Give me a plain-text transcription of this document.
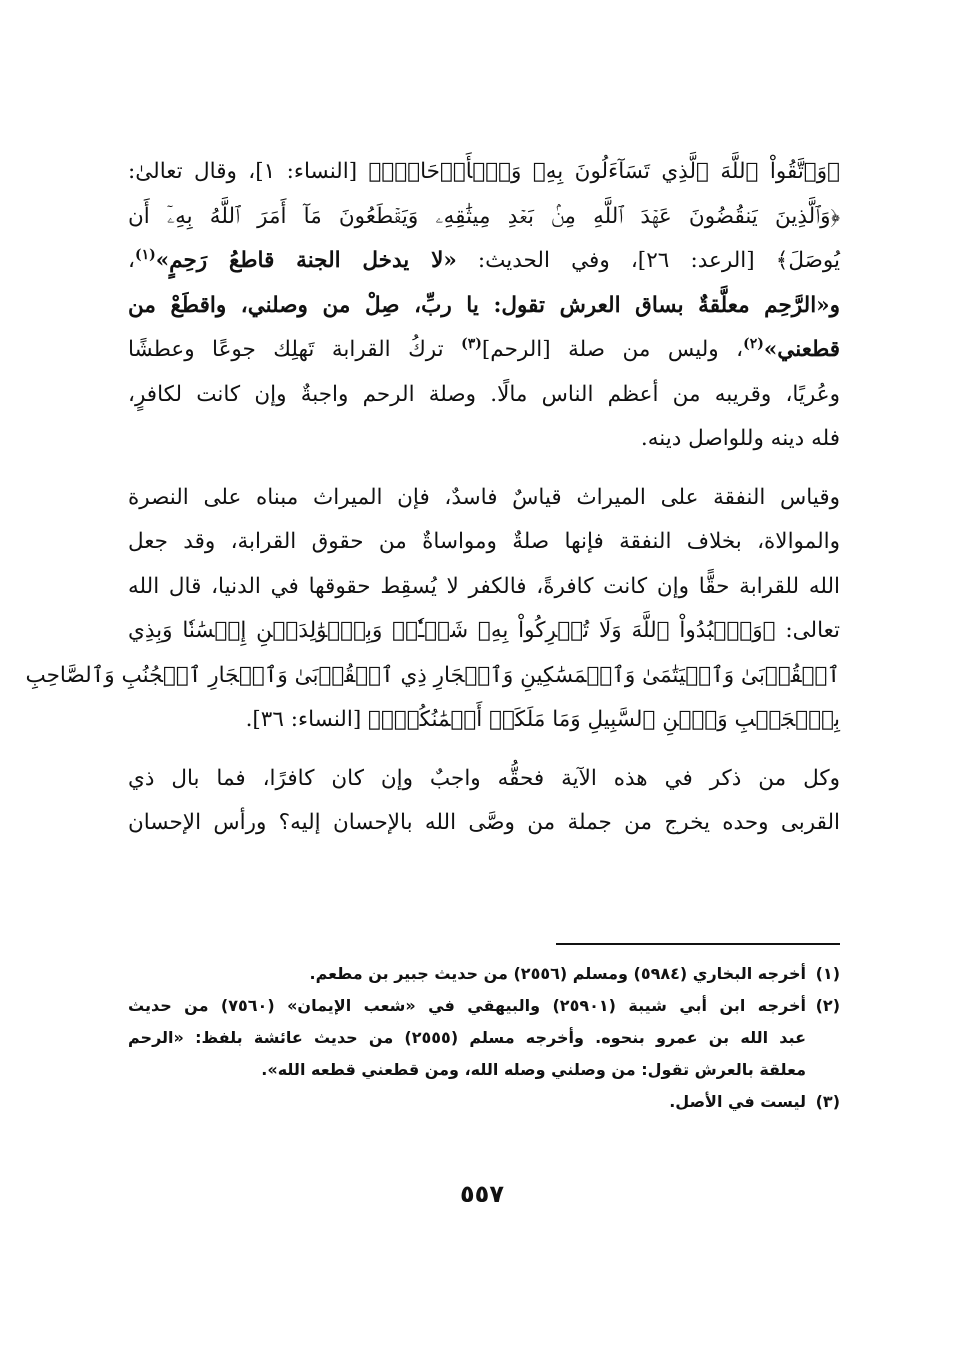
﴿وَٱتَّقُواْ ٱللَّهَ ٱلَّذِي تَسَآءَلُونَ بِهِۦ وَٱلۡأَرۡحَامَۚ﴾ [النساء: ١]، وقال تعالىٰ:
﴿وَٱلَّذِينَ يَنقُضُونَ عَهۡدَ ٱللَّهِ مِنۢ بَعۡدِ مِيثَٰقِهِۦ وَيَقۡطَعُونَ مَآ أَمَرَ ٱللَّهُ بِهِۦٓ أَن
يُوصَلَ﴾ [الرعد: ٢٦]، وفي الحديث: «لا يدخل الجنة قاطعُ رَحِمٍ»$^{(١)}$،
و«الرَّحِم معلَّقةٌ بساق العرش تقول: يا ربِّ، صِلْ من وصلني، واقطَعْ من
قطعني»$^{(٢)}$، وليس من صلة [الرحم]$^{(٣)}$ تركُ القرابة تَهلِك جوعًا وعطشًا
وعُريًا، وقريبه من أعظم الناس مالًا. وصلة الرحم واجبةٌ وإن كانت لكافرٍ،
فله دينه وللواصل دينه.

وقياس النفقة على الميراث قياسٌ فاسدٌ، فإن الميراث مبناه على النصرة
والموالاة، بخلاف النفقة فإنها صلةٌ ومواساةٌ من حقوق القرابة، وقد جعل
الله للقرابة حقًّا وإن كانت كافرةً، فالكفر لا يُسقِط حقوقها في الدنيا، قال الله
تعالى: ﴿وَٱعۡبُدُواْ ٱللَّهَ وَلَا تُشۡرِكُواْ بِهِۦ شَيۡـٔٗاۖ وَبِٱلۡوَٰلِدَيۡنِ إِحۡسَٰنٗا وَبِذِي
ٱلۡقُرۡبَىٰ وَٱلۡيَتَٰمَىٰ وَٱلۡمَسَٰكِينِ وَٱلۡجَارِ ذِي ٱلۡقُرۡبَىٰ وَٱلۡجَارِ ٱلۡجُنُبِ وَٱلصَّاحِبِ
بِٱلۡجَنۢبِ وَٱبۡنِ ٱلسَّبِيلِ وَمَا مَلَكَتۡ أَيۡمَٰنُكُمۡۗ﴾ [النساء: ٣٦].

وكل من ذكر في هذه الآية فحقُّه واجبٌ وإن كان كافرًا، فما بال ذي
القربى وحده يخرج من جملة من وصَّى الله بالإحسان إليه؟ ورأس الإحسان

(١)
أخرجه البخاري (٥٩٨٤) ومسلم (٢٥٥٦) من حديث جبير بن مطعم.
(٢)
أخرجه ابن أبي شيبة (٢٥٩٠١) والبيهقي في «شعب الإيمان» (٧٥٦٠) من حديث
عبد الله بن عمرو بنحوه. وأخرجه مسلم (٢٥٥٥) من حديث عائشة بلفظ: «الرحم
معلقة بالعرش تقول: من وصلني وصله الله، ومن قطعني قطعه الله».
(٣)
ليست في الأصل.
٥٥٧
